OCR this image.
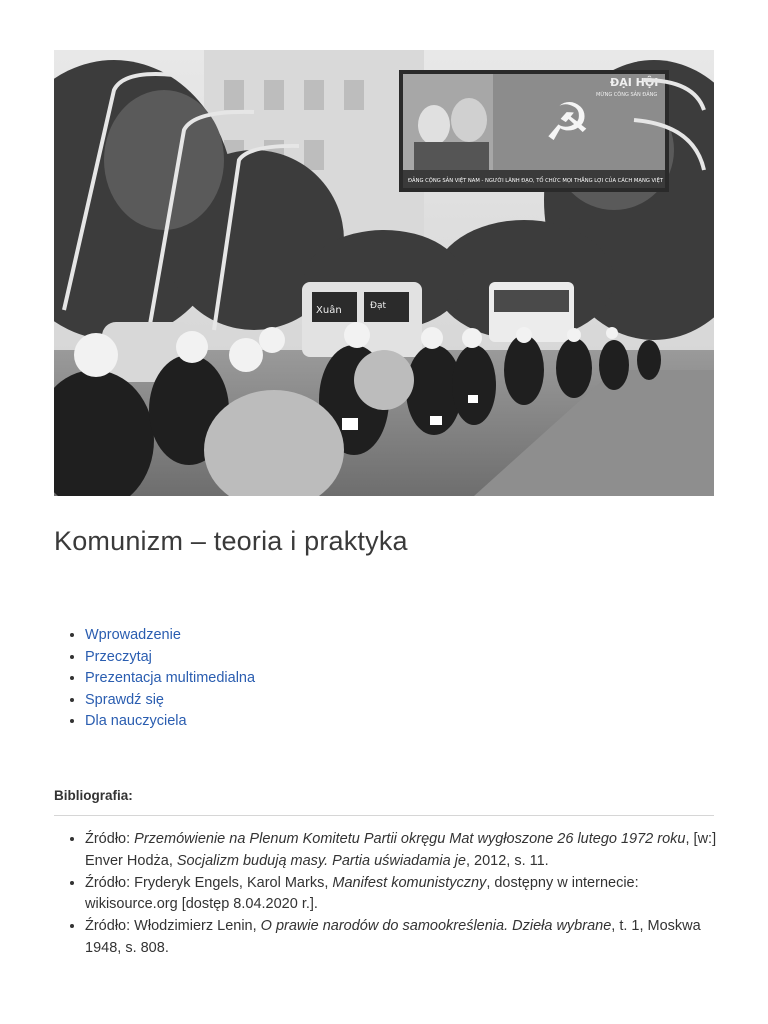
☭
ĐẠI HỘI
MỪNG CÔNG SẢN ĐẢNG
ĐẢNG CỘNG SẢN VIỆT NAM - NGƯỜI LÃNH ĐẠO, TỔ CHỨC MỌI THẮNG LỢI CỦA CÁCH MẠNG VIỆT
Xuân	Đạt
Komunizm – teoria i praktyka
• Wprowadzenie
• Przeczytaj
• Prezentacja multimedialna
• Sprawdź się
• Dla nauczyciela
Bibliografia:
• Źródło: Przemówienie na Plenum Komitetu Partii okręgu Mat wygłoszone 26 lutego 1972 roku, [w:] Enver Hodża, Socjalizm budują masy. Partia uświadamia je, 2012, s. 11.
• Źródło: Fryderyk Engels, Karol Marks, Manifest komunistyczny, dostępny w internecie: wikisource.org [dostęp 8.04.2020 r.].
• Źródło: Włodzimierz Lenin, O prawie narodów do samookreślenia. Dzieła wybrane, t. 1, Moskwa 1948, s. 808.
